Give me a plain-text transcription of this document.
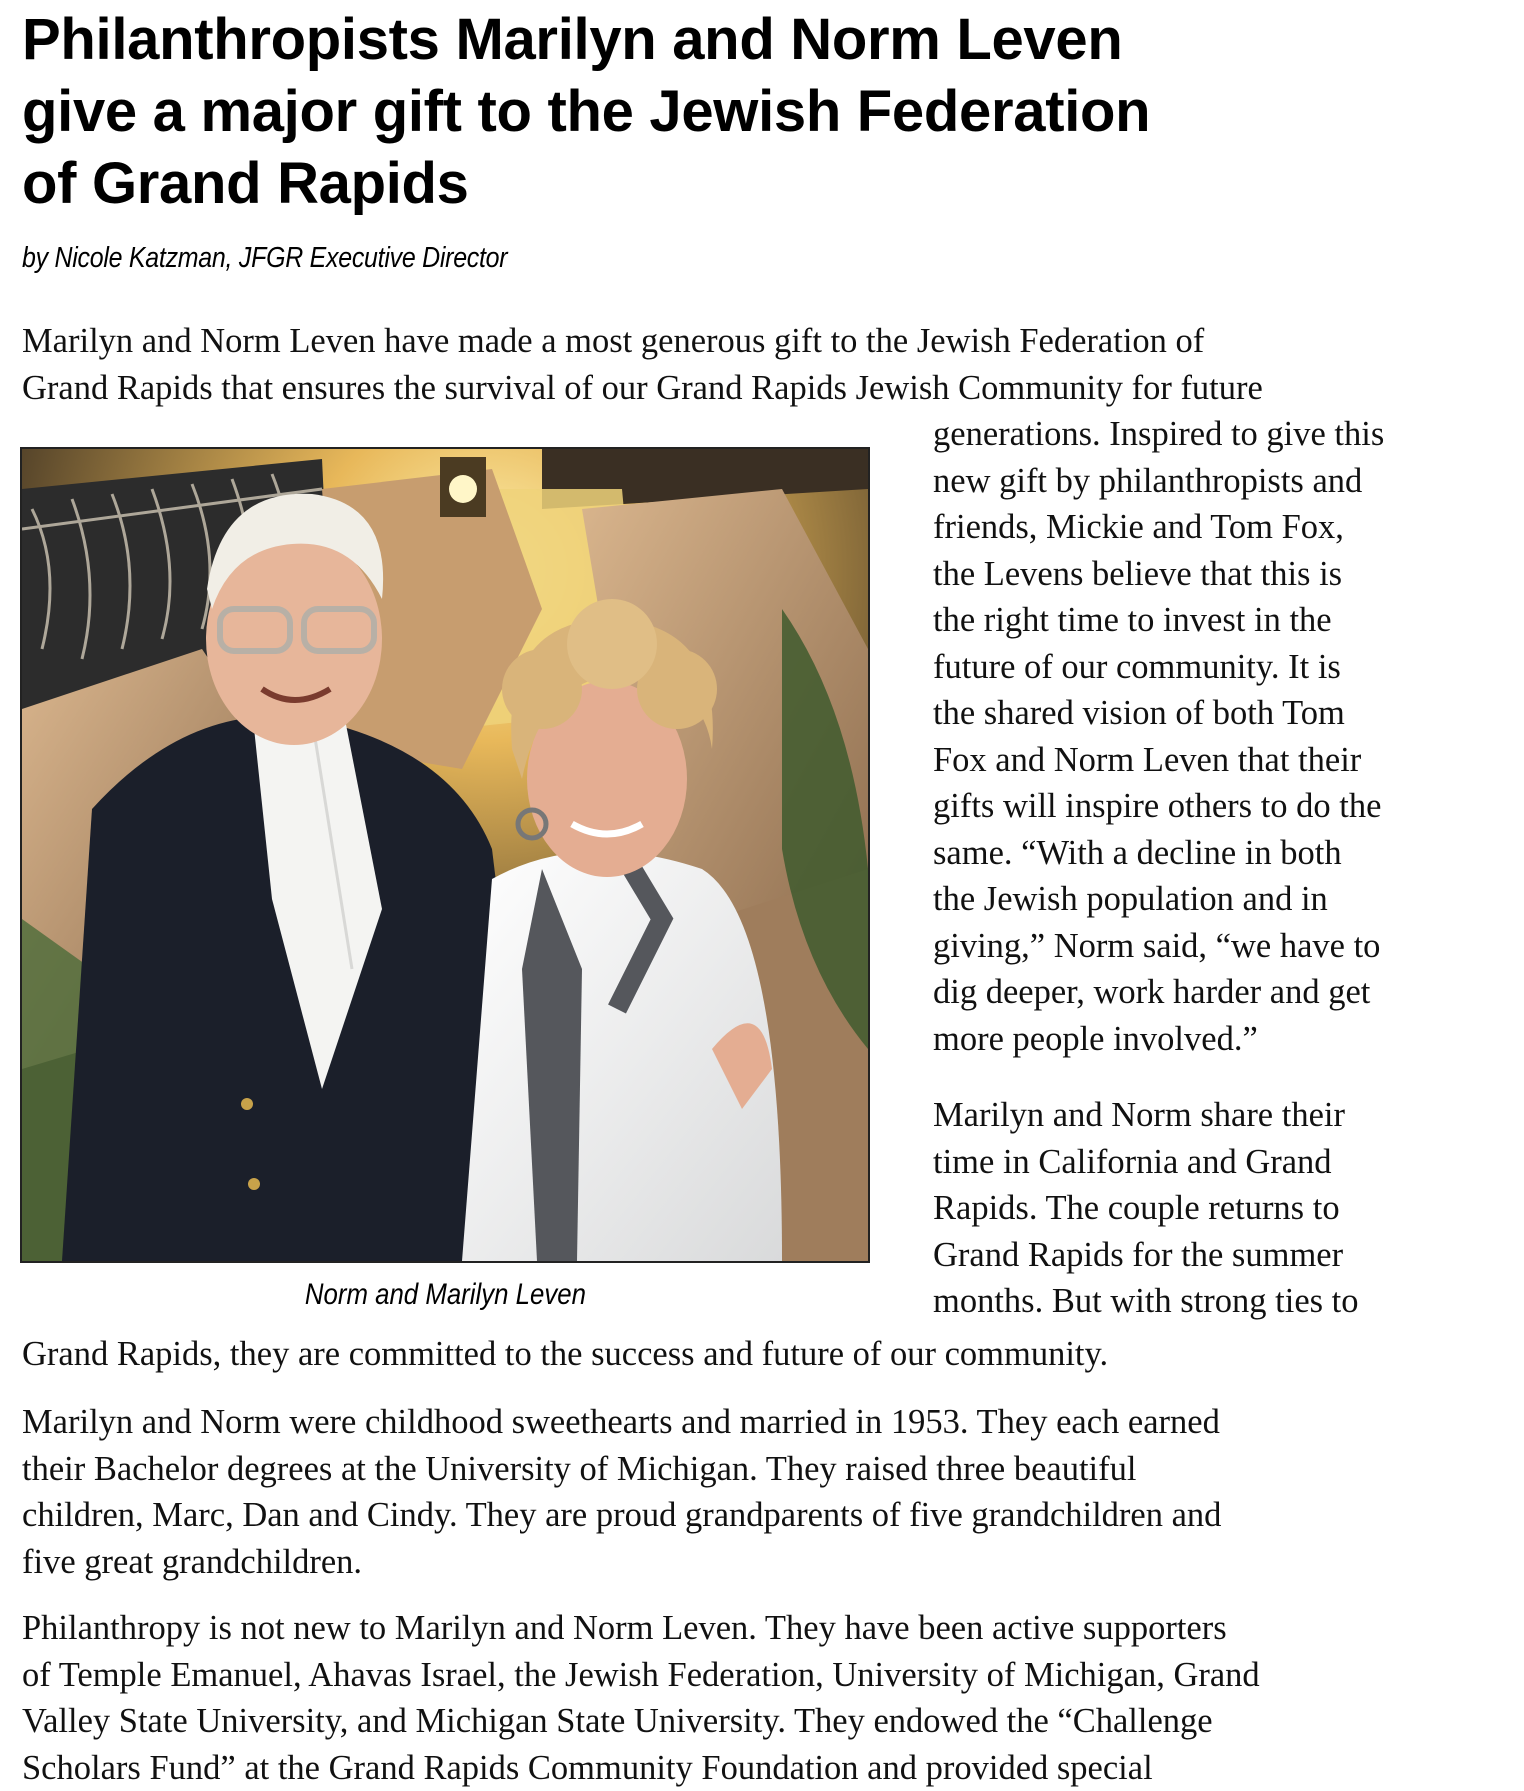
Philanthropists Marilyn and Norm Leven
give a major gift to the Jewish Federation
of Grand Rapids

by Nicole Katzman, JFGR Executive Director

Marilyn and Norm Leven have made a most generous gift to the Jewish Federation of
Grand Rapids that ensures the survival of our Grand Rapids Jewish Community for future

Norm and Marilyn Leven
generations. Inspired to give this
new gift by philanthropists and
friends, Mickie and Tom Fox,
the Levens believe that this is
the right time to invest in the
future of our community. It is
the shared vision of both Tom
Fox and Norm Leven that their
gifts will inspire others to do the
same. “With a decline in both
the Jewish population and in
giving,” Norm said, “we have to
dig deeper, work harder and get
more people involved.”
Marilyn and Norm share their
time in California and Grand
Rapids. The couple returns to
Grand Rapids for the summer
months. But with strong ties to

Grand Rapids, they are committed to the success and future of our community.

Marilyn and Norm were childhood sweethearts and married in 1953. They each earned
their Bachelor degrees at the University of Michigan. They raised three beautiful
children, Marc, Dan and Cindy. They are proud grandparents of five grandchildren and
five great grandchildren.

Philanthropy is not new to Marilyn and Norm Leven. They have been active supporters
of Temple Emanuel, Ahavas Israel, the Jewish Federation, University of Michigan, Grand
Valley State University, and Michigan State University. They endowed the “Challenge
Scholars Fund” at the Grand Rapids Community Foundation and provided special
